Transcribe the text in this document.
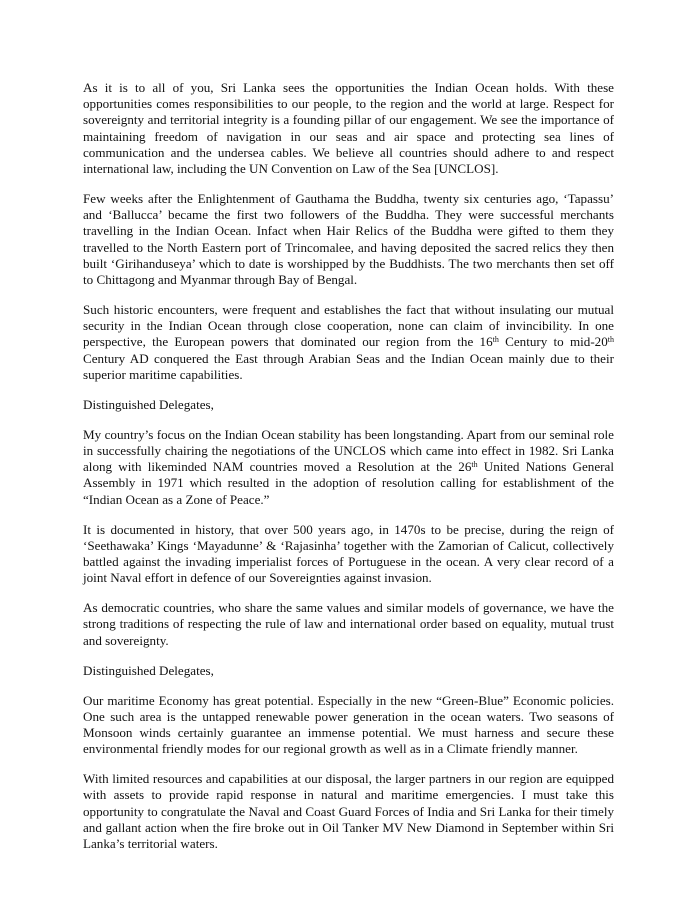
As it is to all of you, Sri Lanka sees the opportunities the Indian Ocean holds. With these opportunities comes responsibilities to our people, to the region and the world at large. Respect for sovereignty and territorial integrity is a founding pillar of our engagement. We see the importance of maintaining freedom of navigation in our seas and air space and protecting sea lines of communication and the undersea cables. We believe all countries should adhere to and respect international law, including the UN Convention on Law of the Sea [UNCLOS].

Few weeks after the Enlightenment of Gauthama the Buddha, twenty six centuries ago, ‘Tapassu’ and ‘Ballucca’ became the first two followers of the Buddha. They were successful merchants travelling in the Indian Ocean. Infact when Hair Relics of the Buddha were gifted to them they travelled to the North Eastern port of Trincomalee, and having deposited the sacred relics they then built ‘Girihanduseya’ which to date is worshipped by the Buddhists. The two merchants then set off to Chittagong and Myanmar through Bay of Bengal.

Such historic encounters, were frequent and establishes the fact that without insulating our mutual security in the Indian Ocean through close cooperation, none can claim of invincibility. In one perspective, the European powers that dominated our region from the 16th Century to mid-20th Century AD conquered the East through Arabian Seas and the Indian Ocean mainly due to their superior maritime capabilities.

Distinguished Delegates,

My country’s focus on the Indian Ocean stability has been longstanding. Apart from our seminal role in successfully chairing the negotiations of the UNCLOS which came into effect in 1982. Sri Lanka along with likeminded NAM countries moved a Resolution at the 26th United Nations General Assembly in 1971 which resulted in the adoption of resolution calling for establishment of the “Indian Ocean as a Zone of Peace.”

It is documented in history, that over 500 years ago, in 1470s to be precise, during the reign of ‘Seethawaka’ Kings ‘Mayadunne’ & ‘Rajasinha’ together with the Zamorian of Calicut, collectively battled against the invading imperialist forces of Portuguese in the ocean. A very clear record of a joint Naval effort in defence of our Sovereignties against invasion.

As democratic countries, who share the same values and similar models of governance, we have the strong traditions of respecting the rule of law and international order based on equality, mutual trust and sovereignty.

Distinguished Delegates,

Our maritime Economy has great potential. Especially in the new “Green-Blue” Economic policies. One such area is the untapped renewable power generation in the ocean waters. Two seasons of Monsoon winds certainly guarantee an immense potential. We must harness and secure these environmental friendly modes for our regional growth as well as in a Climate friendly manner.

With limited resources and capabilities at our disposal, the larger partners in our region are equipped with assets to provide rapid response in natural and maritime emergencies. I must take this opportunity to congratulate the Naval and Coast Guard Forces of India and Sri Lanka for their timely and gallant action when the fire broke out in Oil Tanker MV New Diamond in September within Sri Lanka’s territorial waters.
